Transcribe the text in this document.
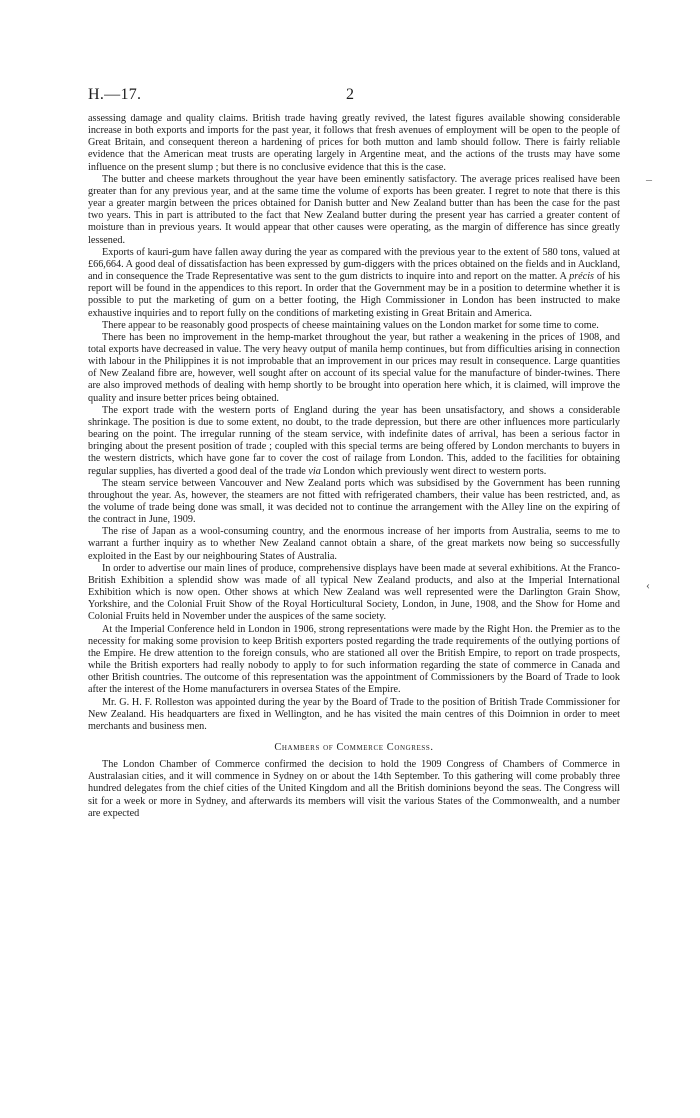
H.—17.	2
–
‹

assessing damage and quality claims. British trade having greatly revived, the latest figures available showing considerable increase in both exports and imports for the past year, it follows that fresh avenues of employment will be open to the people of Great Britain, and consequent thereon a hardening of prices for both mutton and lamb should follow. There is fairly reliable evidence that the American meat trusts are operating largely in Argentine meat, and the actions of the trusts may have some influence on the present slump ; but there is no conclusive evidence that this is the case.

The butter and cheese markets throughout the year have been eminently satisfactory. The average prices realised have been greater than for any previous year, and at the same time the volume of exports has been greater. I regret to note that there is this year a greater margin between the prices obtained for Danish butter and New Zealand butter than has been the case for the past two years. This in part is attributed to the fact that New Zealand butter during the present year has carried a greater content of moisture than in previous years. It would appear that other causes were operating, as the margin of difference has since greatly lessened.

Exports of kauri-gum have fallen away during the year as compared with the previous year to the extent of 580 tons, valued at £66,664. A good deal of dissatisfaction has been expressed by gum-diggers with the prices obtained on the fields and in Auckland, and in consequence the Trade Representative was sent to the gum districts to inquire into and report on the matter. A précis of his report will be found in the appendices to this report. In order that the Government may be in a position to determine whether it is possible to put the marketing of gum on a better footing, the High Commissioner in London has been instructed to make exhaustive inquiries and to report fully on the conditions of marketing existing in Great Britain and America.

There appear to be reasonably good prospects of cheese maintaining values on the London market for some time to come.

There has been no improvement in the hemp-market throughout the year, but rather a weakening in the prices of 1908, and total exports have decreased in value. The very heavy output of manila hemp continues, but from difficulties arising in connection with labour in the Philippines it is not improbable that an improvement in our prices may result in consequence. Large quantities of New Zealand fibre are, however, well sought after on account of its special value for the manufacture of binder-twines. There are also improved methods of dealing with hemp shortly to be brought into operation here which, it is claimed, will improve the quality and insure better prices being obtained.

The export trade with the western ports of England during the year has been unsatisfactory, and shows a considerable shrinkage. The position is due to some extent, no doubt, to the trade depression, but there are other influences more particularly bearing on the point. The irregular running of the steam service, with indefinite dates of arrival, has been a serious factor in bringing about the present position of trade ; coupled with this special terms are being offered by London merchants to buyers in the western districts, which have gone far to cover the cost of railage from London. This, added to the facilities for obtaining regular supplies, has diverted a good deal of the trade via London which previously went direct to western ports.

The steam service between Vancouver and New Zealand ports which was subsidised by the Government has been running throughout the year. As, however, the steamers are not fitted with refrigerated chambers, their value has been restricted, and, as the volume of trade being done was small, it was decided not to continue the arrangement with the Alley line on the expiring of the contract in June, 1909.

The rise of Japan as a wool-consuming country, and the enormous increase of her imports from Australia, seems to me to warrant a further inquiry as to whether New Zealand cannot obtain a share, of the great markets now being so successfully exploited in the East by our neighbouring States of Australia.

In order to advertise our main lines of produce, comprehensive displays have been made at several exhibitions. At the Franco-British Exhibition a splendid show was made of all typical New Zealand products, and also at the Imperial International Exhibition which is now open. Other shows at which New Zealand was well represented were the Darlington Grain Show, Yorkshire, and the Colonial Fruit Show of the Royal Horticultural Society, London, in June, 1908, and the Show for Home and Colonial Fruits held in November under the auspices of the same society.

At the Imperial Conference held in London in 1906, strong representations were made by the Right Hon. the Premier as to the necessity for making some provision to keep British exporters posted regarding the trade requirements of the outlying portions of the Empire. He drew attention to the foreign consuls, who are stationed all over the British Empire, to report on trade prospects, while the British exporters had really nobody to apply to for such information regarding the state of commerce in Canada and other British countries. The outcome of this representation was the appointment of Commissioners by the Board of Trade to look after the interest of the Home manufacturers in oversea States of the Empire.

Mr. G. H. F. Rolleston was appointed during the year by the Board of Trade to the position of British Trade Commissioner for New Zealand. His headquarters are fixed in Wellington, and he has visited the main centres of this Doimnion in order to meet merchants and business men.

Chambers of Commerce Congress.

The London Chamber of Commerce confirmed the decision to hold the 1909 Congress of Chambers of Commerce in Australasian cities, and it will commence in Sydney on or about the 14th September. To this gathering will come probably three hundred delegates from the chief cities of the United Kingdom and all the British dominions beyond the seas. The Congress will sit for a week or more in Sydney, and afterwards its members will visit the various States of the Commonwealth, and a number are expected
